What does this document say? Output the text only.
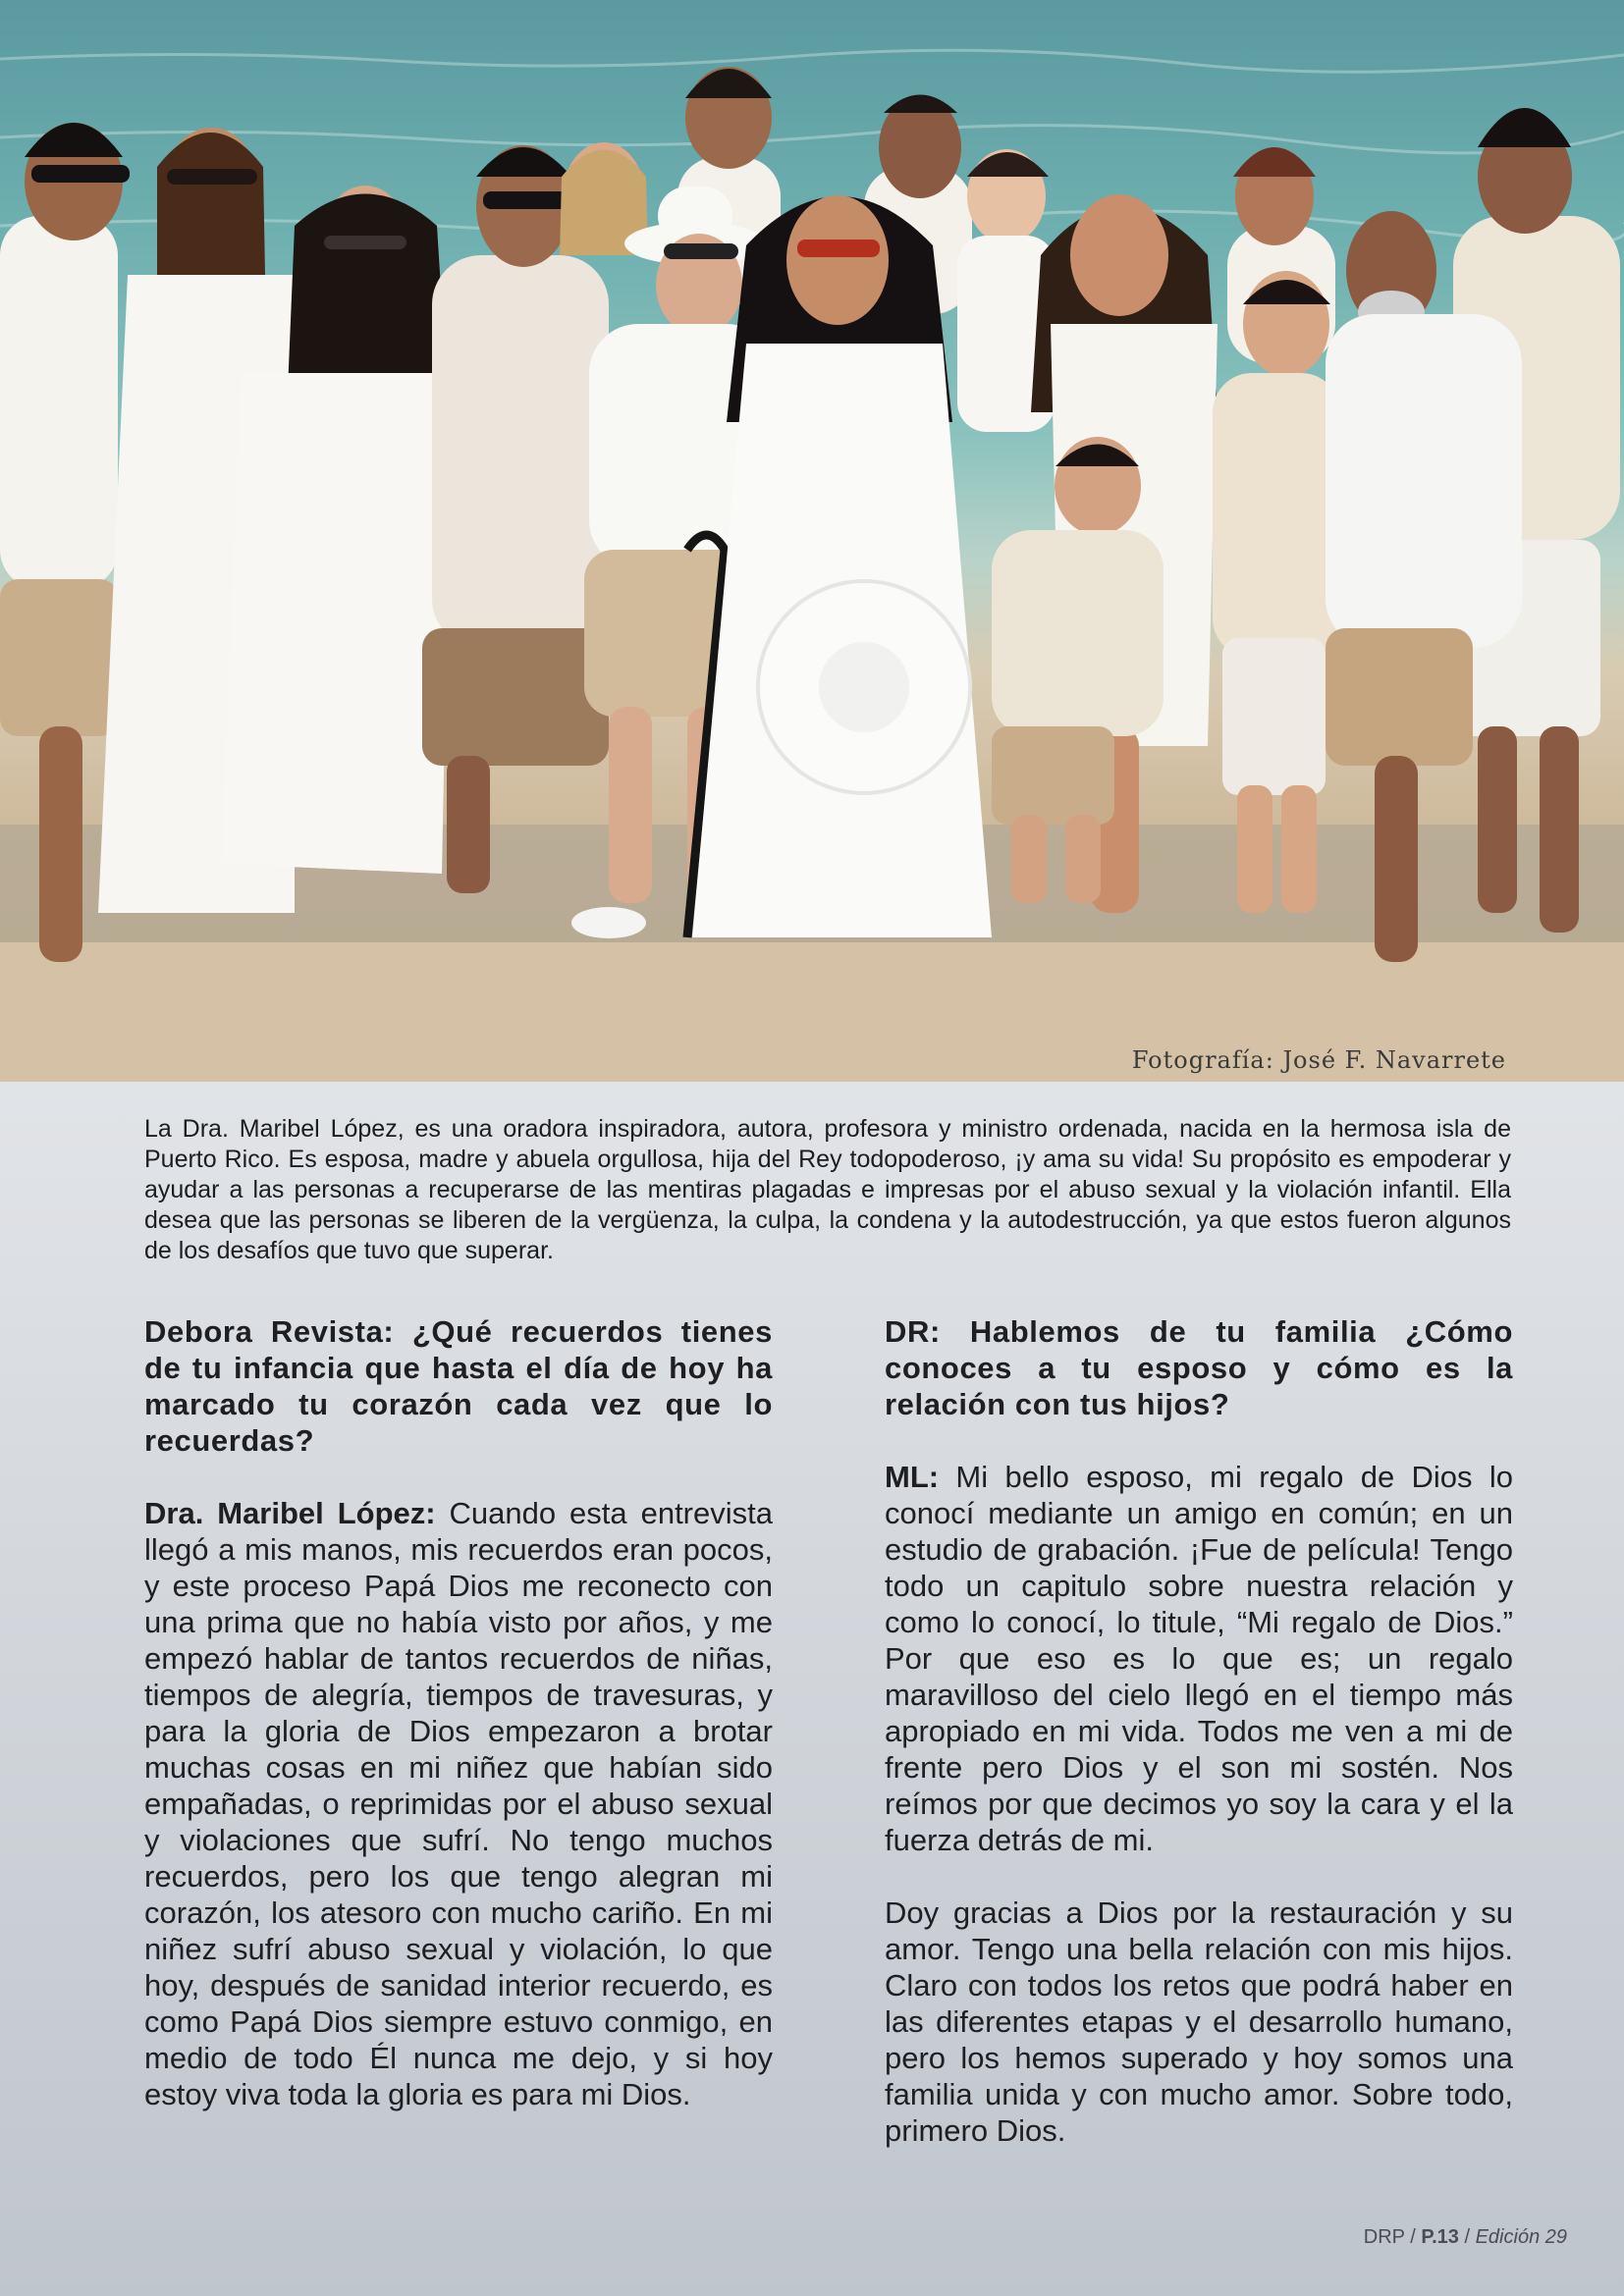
Fotografía: José F. Navarrete
La Dra. Maribel López, es una oradora inspiradora, autora, profesora y ministro ordenada, nacida en la hermosa isla de Puerto Rico. Es esposa, madre y abuela orgullosa, hija del Rey todopoderoso, ¡y ama su vida! Su propósito es empoderar y ayudar a las personas a recuperarse de las mentiras plagadas e impresas por el abuso sexual y la violación infantil. Ella desea que las personas se liberen de la vergüenza, la culpa, la condena y la autodestrucción, ya que estos fueron algunos de los desafíos que tuvo que superar.

Debora Revista: ¿Qué recuerdos tienes de tu infancia que hasta el día de hoy ha marcado tu corazón cada vez que lo recuerdas?

Dra. Maribel López: Cuando esta entrevista llegó a mis manos, mis recuerdos eran pocos, y este proceso Papá Dios me reconecto con una prima que no había visto por años, y me empezó hablar de tantos recuerdos de niñas, tiempos de alegría, tiempos de travesuras, y para la gloria de Dios empezaron a brotar muchas cosas en mi niñez que habían sido empañadas, o reprimidas por el abuso sexual y violaciones que sufrí. No tengo muchos recuerdos, pero los que tengo alegran mi corazón, los atesoro con mucho cariño. En mi niñez sufrí abuso sexual y violación, lo que hoy, después de sanidad interior recuerdo, es como Papá Dios siempre estuvo conmigo, en medio de todo Él nunca me dejo, y si hoy estoy viva toda la gloria es para mi Dios.

DR: Hablemos de tu familia ¿Cómo conoces a tu esposo y cómo es la relación con tus hijos?

ML: Mi bello esposo, mi regalo de Dios lo conocí mediante un amigo en común; en un estudio de grabación. ¡Fue de película! Tengo todo un capitulo sobre nuestra relación y como lo conocí, lo titule, “Mi regalo de Dios.” Por que eso es lo que es; un regalo maravilloso del cielo llegó en el tiempo más apropiado en mi vida. Todos me ven a mi de frente pero Dios y el son mi sostén. Nos reímos por que decimos yo soy la cara y el la fuerza detrás de mi.

Doy gracias a Dios por la restauración y su amor. Tengo una bella relación con mis hijos. Claro con todos los retos que podrá haber en las diferentes etapas y el desarrollo humano, pero los hemos superado y hoy somos una familia unida y con mucho amor. Sobre todo, primero Dios.

DRP / P.13 / Edición 29
